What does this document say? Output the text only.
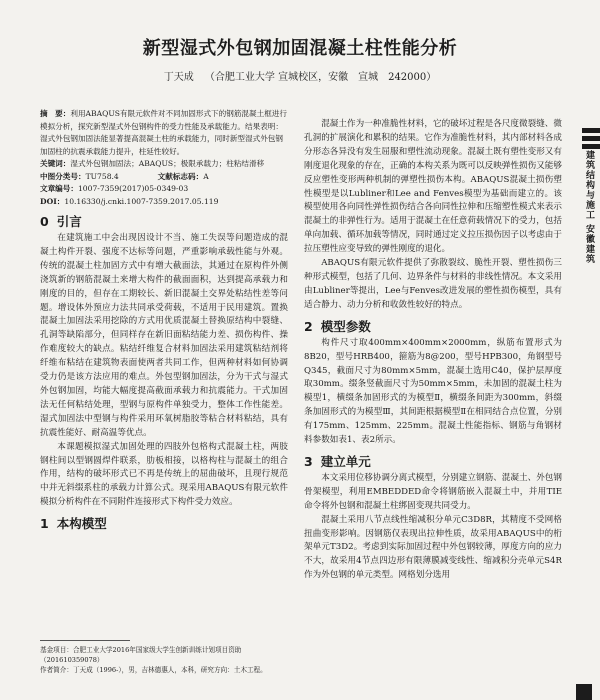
新型湿式外包钢加固混凝土柱性能分析
丁天成 （合肥工业大学 宣城校区，安徽　宣城　242000）

摘　要：利用ABAQUS有限元软件对不同加固形式下的钢筋混凝土框进行模拟分析，探究新型湿式外包钢构件的受力性能及承载能力。结果表明：湿式外包钢加固法能显著提高混凝土柱的承载能力，同时新型湿式外包钢加固柱的抗震承载能力提升，柱延性较好。

关键词：湿式外包钢加固法；ABAQUS；极限承载力；柱粘结滑移

中图分类号：TU758.4	文献标志码：A

文章编号：1007-7359(2017)05-0349-03

DOI：10.16330/j.cnki.1007-7359.2017.05.119

0 引言

在建筑施工中会出现因设计不当、施工失误等问题造成的混凝土构件开裂、强度不达标等问题，严重影响承载性能与外观。传统的混凝土柱加固方式中有增大截面法，其通过在原构件外侧浇筑新的钢筋混凝土来增大构件的截面面积，达到提高承载力和刚度的目的，但存在工期较长、新旧混凝土交界处粘结性差等问题。增设体外预应力法共同承受荷载，不适用于民用建筑。置换混凝土加固法采用挖除的方式用优质混凝土替换原结构中裂缝、孔洞等缺陷部分，但同样存在新旧面粘结能力差、损伤构件、操作难度较大的缺点。粘结纤维复合材料加固法采用建筑粘结剂将纤维布粘结在建筑物表面使两者共同工作，但两种材料如何协调受力仍是该方法应用的难点。外包型钢加固法，分为干式与湿式外包钢加固，均能大幅度提高截面承载力和抗震能力。干式加固法无任何粘结处理，型钢与原构件单独受力，整体工作性能差。湿式加固法中型钢与构件采用环氧树脂胶等粘合材料粘结，具有抗震性能好、耐高温等优点。

本课题模拟湿式加固处理的四肢外包格构式混凝土柱，两肢钢柱间以型钢圆焊件联系，肋板相接，以格构柱与混凝土的组合作用，结构的破坏形式已不再是传统上的屈曲破坏，且现行规范中并无斜缀系柱的承载力计算公式。现采用ABAQUS有限元软件模拟分析构件在不同附件连接形式下构件受力效应。

1 本构模型

基金项目：合肥工业大学2016年国家级大学生创新训练计划项目资助（201610359078）

作者简介：丁天成（1996-），男，吉林德惠人，本科，研究方向：土木工程。

混凝土作为一种准脆性材料，它的破坏过程是各尺度微裂缝、微孔洞的扩展演化和累积的结果。它作为准脆性材料，其内部材料各成分形态各异没有发生屈服和塑性流动现象。混凝土既有塑性变形又有刚度退化现象的存在，正确的本构关系为既可以反映弹性损伤又能够反应塑性变形两种机制的弹塑性损伤本构。ABAQUS混凝土损伤塑性模型是以Lubliner和Lee and Fenves模型为基础而建立的。该模型使用各向同性弹性损伤结合各向同性拉伸和压缩塑性模式来表示混凝土的非弹性行为。适用于混凝土在任意荷载情况下的受力，包括单向加载、循环加载等情况，同时通过定义拉压损伤因子以考虑由于拉压塑性应变导致的弹性刚度的退化。

ABAQUS有限元软件提供了弥散裂纹、脆性开裂、塑性损伤三种形式模型，包括了几何、边界条件与材料的非线性情况。本文采用由Lubliner等提出，Lee与Fenves改进发展的塑性损伤模型，具有适合静力、动力分析和收敛性较好的特点。

2 模型参数

构件尺寸取400mm×400mm×2000mm，纵筋布置形式为8B20，型号HRB400，箍筋为8@200，型号HPB300，角钢型号Q345，截面尺寸为80mm×5mm，混凝土选用C40，保护层厚度取30mm。缀条竖截面尺寸为50mm×5mm，未加固的混凝土柱为模型1，横缀条加固形式的为模型Ⅱ，横缀条间距为300mm，斜缀条加固形式的为模型Ⅲ，其间距根据模型Ⅱ在相同结合点位置，分别有175mm、125mm、225mm。混凝土性能指标、钢筋与角钢材料参数如表1、表2所示。

3 建立单元

本文采用位移协调分离式模型，分别建立钢筋、混凝土、外包钢骨架模型，利用EMBEDDED命令将钢筋嵌入混凝土中，并用TIE命令将外包钢和混凝土柱绑固变现共同受力。

混凝土采用八节点线性缩减积分单元C3D8R，其精度不受网格扭曲变形影响。因钢筋仅表现出拉伸性质，故采用ABAQUS中的桁架单元T3D2。考虑到实际加固过程中外包钢较薄，厚度方向的应力不大，故采用4节点四边形有限薄膜减变线性、缩减积分壳单元S4R作为外包钢的单元类型。网格划分选用

建筑结构与施工 安徽建筑
